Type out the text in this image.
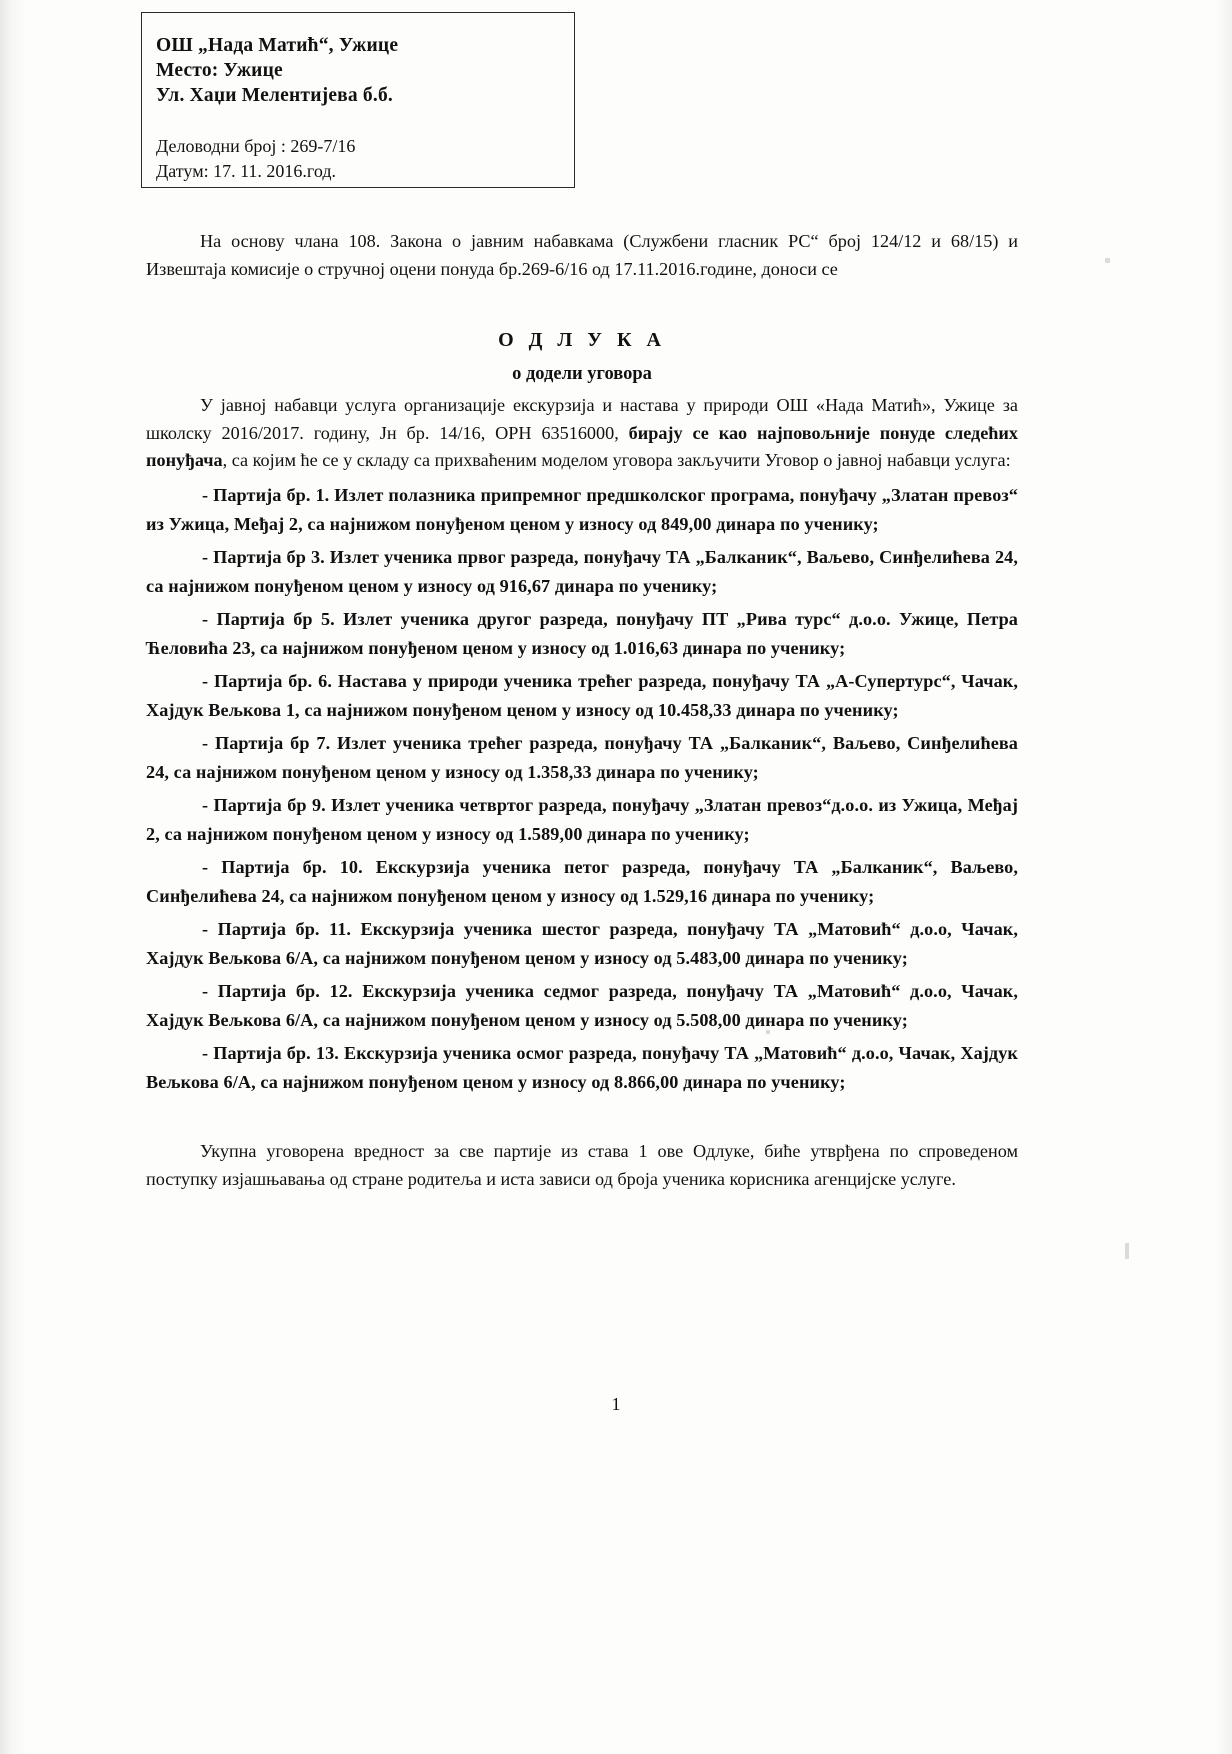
ОШ „Нада Матић“, Ужице
Место: Ужице
Ул. Хаџи Мелентијева б.б.
Деловодни број : 269-7/16
Датум: 17. 11. 2016.год.

На основу члана 108. Закона о јавним набавкама (Службени гласник РС“ број 124/12 и 68/15) и Извештаја комисије о стручној оцени понуда бр.269-6/16 од 17.11.2016.године, доноси се

О Д Л У К А

о додели уговора

У јавној набавци услуга организације екскурзија и настава у природи ОШ «Нада Матић», Ужице за школску 2016/2017. годину, Јн бр. 14/16, ОРН 63516000, бирају се као најповољније понуде следећих понуђача, са којим ће се у складу са прихваћеним моделом уговора закључити Уговор о јавној набавци услуга:

- Партија бр. 1. Излет полазника припремног предшколског програма, понуђачу „Златан превоз“ из Ужица, Међај 2, са најнижом понуђеном ценом у износу од 849,00 динара по ученику;

- Партија бр 3. Излет ученика првог разреда, понуђачу ТА „Балканик“, Ваљево, Синђелићева 24, са најнижом понуђеном ценом у износу од 916,67 динара по ученику;

- Партија бр 5. Излет ученика другог разреда, понуђачу ПТ „Рива турс“ д.о.о. Ужице, Петра Ћеловића 23, са најнижом понуђеном ценом у износу од 1.016,63 динара по ученику;

- Партија бр. 6. Настава у природи ученика трећег разреда, понуђачу ТА „А-Супертурс“, Чачак, Хајдук Вељкова 1, са најнижом понуђеном ценом у износу од 10.458,33 динара по ученику;

- Партија бр 7. Излет ученика трећег разреда, понуђачу ТА „Балканик“, Ваљево, Синђелићева 24, са најнижом понуђеном ценом у износу од 1.358,33 динара по ученику;

- Партија бр 9. Излет ученика четвртог разреда, понуђачу „Златан превоз“д.о.о. из Ужица, Међај 2, са најнижом понуђеном ценом у износу од 1.589,00 динара по ученику;

- Партија бр. 10. Екскурзија ученика петог разреда, понуђачу ТА „Балканик“, Ваљево, Синђелићева 24, са најнижом понуђеном ценом у износу од 1.529,16 динара по ученику;

- Партија бр. 11. Екскурзија ученика шестог разреда, понуђачу ТА „Матовић“ д.о.о, Чачак, Хајдук Вељкова 6/А, са најнижом понуђеном ценом у износу од 5.483,00 динара по ученику;

- Партија бр. 12. Екскурзија ученика седмог разреда, понуђачу ТА „Матовић“ д.о.о, Чачак, Хајдук Вељкова 6/А, са најнижом понуђеном ценом у износу од 5.508,00 динара по ученику;

- Партија бр. 13. Екскурзија ученика осмог разреда, понуђачу ТА „Матовић“ д.о.о, Чачак, Хајдук Вељкова 6/А, са најнижом понуђеном ценом у износу од 8.866,00 динара по ученику;

Укупна уговорена вредност за све партије из става 1 ове Одлуке, биће утврђена по спроведеном поступку изјашњавања од стране родитеља и иста зависи од броја ученика корисника агенцијске услуге.

1
